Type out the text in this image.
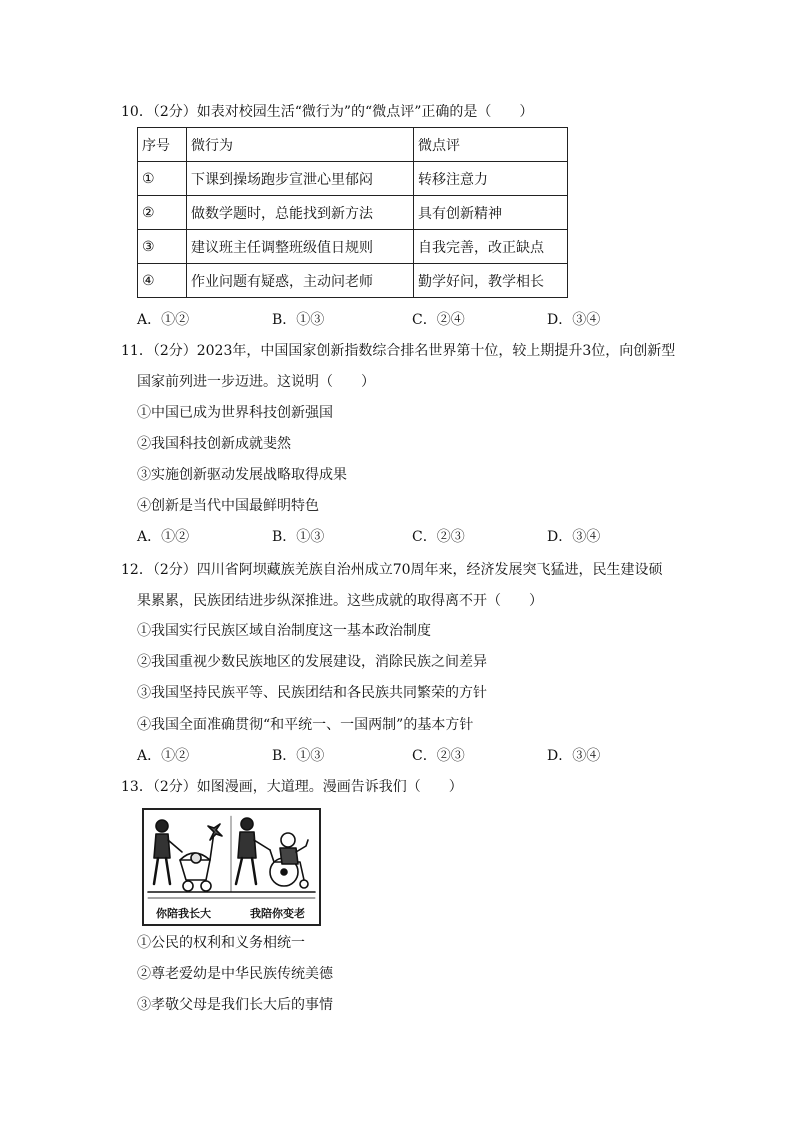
10．（2分）如表对校园生活“微行为”的“微点评”正确的是（　　）
序号	微行为	微点评
①	下课到操场跑步宣泄心里郁闷	转移注意力
②	做数学题时，总能找到新方法	具有创新精神
③	建议班主任调整班级值日规则	自我完善，改正缺点
④	作业问题有疑惑，主动问老师	勤学好问，教学相长
A．①②	B．①③	C．②④	D．③④
11．（2分）2023年，中国国家创新指数综合排名世界第十位，较上期提升3位，向创新型
国家前列进一步迈进。这说明（　　）
①中国已成为世界科技创新强国
②我国科技创新成就斐然
③实施创新驱动发展战略取得成果
④创新是当代中国最鲜明特色
A．①②	B．①③	C．②③	D．③④
12．（2分）四川省阿坝藏族羌族自治州成立70周年来，经济发展突飞猛进，民生建设硕
果累累，民族团结进步纵深推进。这些成就的取得离不开（　　）
①我国实行民族区域自治制度这一基本政治制度
②我国重视少数民族地区的发展建设，消除民族之间差异
③我国坚持民族平等、民族团结和各民族共同繁荣的方针
④我国全面准确贯彻“和平统一、一国两制”的基本方针
A．①②	B．①③	C．②③	D．③④
13．（2分）如图漫画，大道理。漫画告诉我们（　　）
你陪我长大	我陪你变老
①公民的权利和义务相统一
②尊老爱幼是中华民族传统美德
③孝敬父母是我们长大后的事情
